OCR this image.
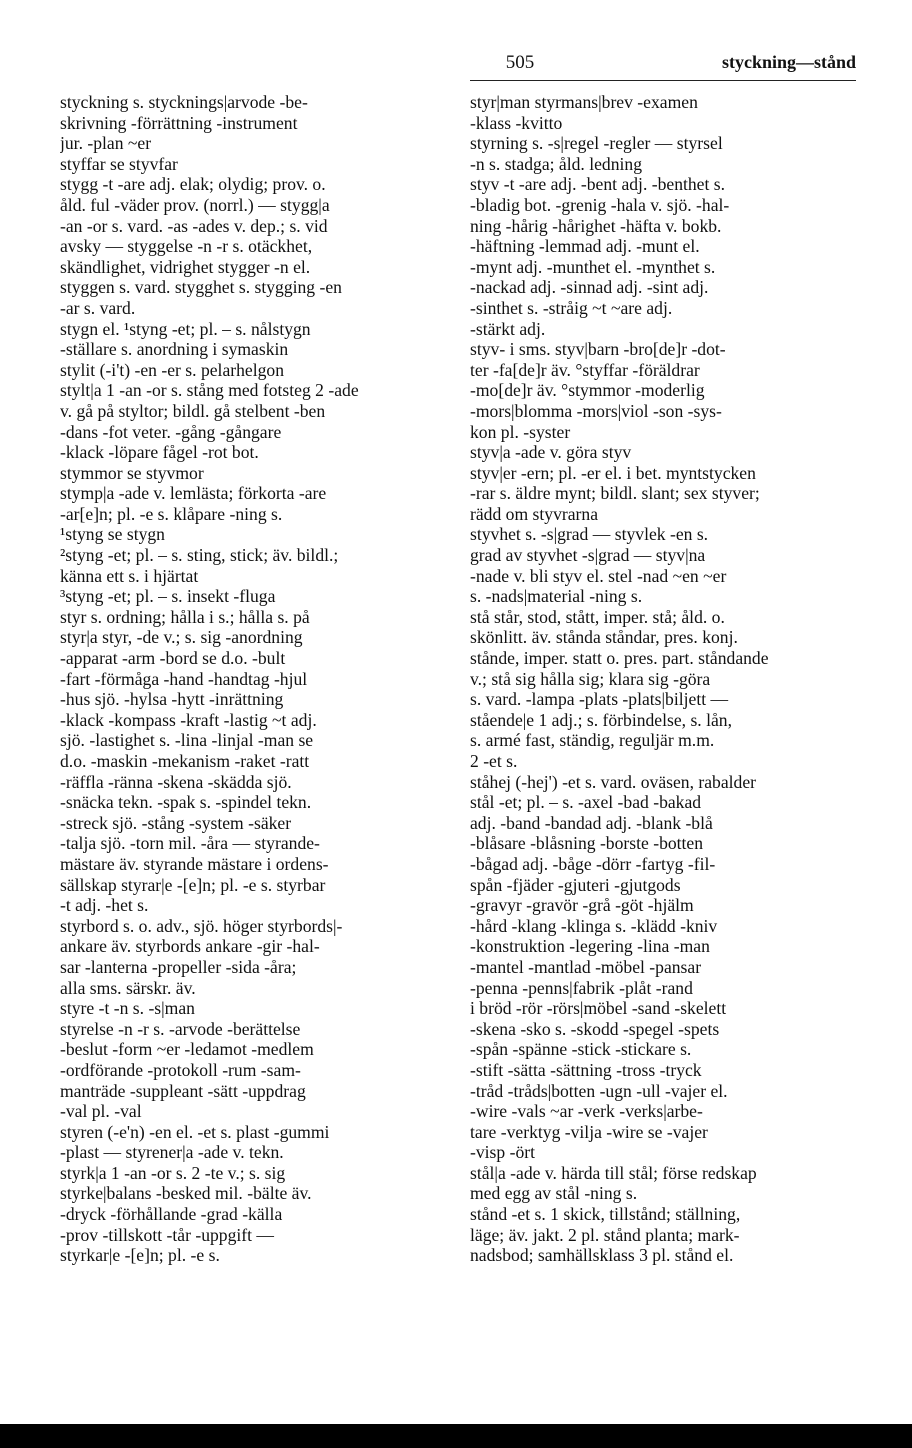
505	styckning—stånd
styckning s. stycknings|arvode -be-
skrivning -förrättning -instrument
jur. -plan ~er
styffar se styvfar
stygg -t -are adj. elak; olydig; prov. o.
åld. ful -väder prov. (norrl.) — stygg|a
-an -or s. vard. -as -ades v. dep.; s. vid
avsky — styggelse -n -r s. otäckhet,
skändlighet, vidrighet stygger -n el.
styggen s. vard. stygghet s. stygging -en
-ar s. vard.
stygn el. ¹styng -et; pl. – s. nålstygn
-ställare s. anordning i symaskin
stylit (-i't) -en -er s. pelarhelgon
stylt|a 1 -an -or s. stång med fotsteg 2 -ade
v. gå på styltor; bildl. gå stelbent -ben
-dans -fot veter. -gång -gångare
-klack -löpare fågel -rot bot.
stymmor se styvmor
stymp|a -ade v. lemlästa; förkorta -are
-ar[e]n; pl. -e s. klåpare -ning s.
¹styng se stygn
²styng -et; pl. – s. sting, stick; äv. bildl.;
känna ett s. i hjärtat
³styng -et; pl. – s. insekt -fluga
styr s. ordning; hålla i s.; hålla s. på
styr|a styr, -de v.; s. sig -anordning
-apparat -arm -bord se d.o. -bult
-fart -förmåga -hand -handtag -hjul
-hus sjö. -hylsa -hytt -inrättning
-klack -kompass -kraft -lastig ~t adj.
sjö. -lastighet s. -lina -linjal -man se
d.o. -maskin -mekanism -raket -ratt
-räffla -ränna -skena -skädda sjö.
-snäcka tekn. -spak s. -spindel tekn.
-streck sjö. -stång -system -säker
-talja sjö. -torn mil. -åra — styrande-
mästare äv. styrande mästare i ordens-
sällskap styrar|e -[e]n; pl. -e s. styrbar
-t adj. -het s.
styrbord s. o. adv., sjö. höger styrbords|-
ankare äv. styrbords ankare -gir -hal-
sar -lanterna -propeller -sida -åra;
alla sms. särskr. äv.
styre -t -n s. -s|man
styrelse -n -r s. -arvode -berättelse
-beslut -form ~er -ledamot -medlem
-ordförande -protokoll -rum -sam-
manträde -suppleant -sätt -uppdrag
-val pl. -val
styren (-e'n) -en el. -et s. plast -gummi
-plast — styrener|a -ade v. tekn.
styrk|a 1 -an -or s. 2 -te v.; s. sig
styrke|balans -besked mil. -bälte äv.
-dryck -förhållande -grad -källa
-prov -tillskott -tår -uppgift —
styrkar|e -[e]n; pl. -e s.
styr|man styrmans|brev -examen
-klass -kvitto
styrning s. -s|regel -regler — styrsel
-n s. stadga; åld. ledning
styv -t -are adj. -bent adj. -benthet s.
-bladig bot. -grenig -hala v. sjö. -hal-
ning -hårig -hårighet -häfta v. bokb.
-häftning -lemmad adj. -munt el.
-mynt adj. -munthet el. -mynthet s.
-nackad adj. -sinnad adj. -sint adj.
-sinthet s. -stråig ~t ~are adj.
-stärkt adj.
styv- i sms. styv|barn -bro[de]r -dot-
ter -fa[de]r äv. °styffar -föräldrar
-mo[de]r äv. °stymmor -moderlig
-mors|blomma -mors|viol -son -sys-
kon pl. -syster
styv|a -ade v. göra styv
styv|er -ern; pl. -er el. i bet. myntstycken
-rar s. äldre mynt; bildl. slant; sex styver;
rädd om styvrarna
styvhet s. -s|grad — styvlek -en s.
grad av styvhet -s|grad — styv|na
-nade v. bli styv el. stel -nad ~en ~er
s. -nads|material -ning s.
stå står, stod, stått, imper. stå; åld. o.
skönlitt. äv. stånda ståndar, pres. konj.
stånde, imper. statt o. pres. part. ståndande
v.; stå sig hålla sig; klara sig -göra
s. vard. -lampa -plats -plats|biljett —
stående|e 1 adj.; s. förbindelse, s. lån,
s. armé fast, ständig, reguljär m.m.
2 -et s.
ståhej (-hej') -et s. vard. oväsen, rabalder
stål -et; pl. – s. -axel -bad -bakad
adj. -band -bandad adj. -blank -blå
-blåsare -blåsning -borste -botten
-bågad adj. -båge -dörr -fartyg -fil-
spån -fjäder -gjuteri -gjutgods
-gravyr -gravör -grå -göt -hjälm
-hård -klang -klinga s. -klädd -kniv
-konstruktion -legering -lina -man
-mantel -mantlad -möbel -pansar
-penna -penns|fabrik -plåt -rand
i bröd -rör -rörs|möbel -sand -skelett
-skena -sko s. -skodd -spegel -spets
-spån -spänne -stick -stickare s.
-stift -sätta -sättning -tross -tryck
-tråd -tråds|botten -ugn -ull -vajer el.
-wire -vals ~ar -verk -verks|arbe-
tare -verktyg -vilja -wire se -vajer
-visp -ört
stål|a -ade v. härda till stål; förse redskap
med egg av stål -ning s.
stånd -et s. 1 skick, tillstånd; ställning,
läge; äv. jakt. 2 pl. stånd planta; mark-
nadsbod; samhällsklass 3 pl. stånd el.
